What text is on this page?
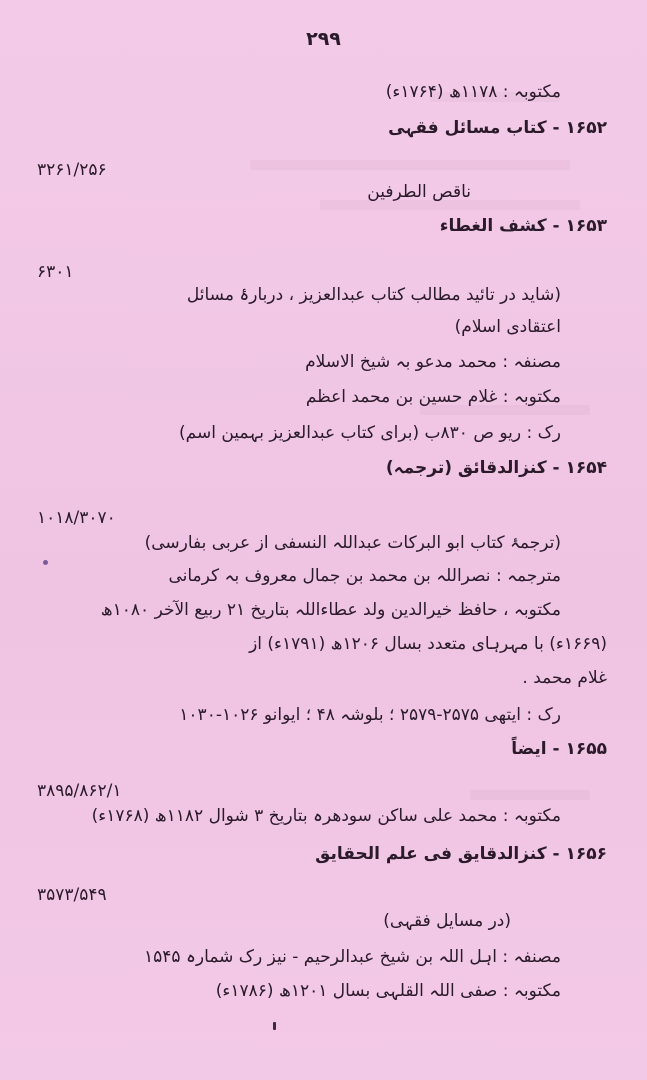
۲۹۹
مکتوبہ : ۱۱۷۸ھ (۱۷۶۴ء)
۱۶۵۲ - کتاب مسائل فقہی
۳۲۶۱/۲۵۶
ناقص الطرفین
۱۶۵۳ - کشف الغطاء
۶۳۰۱
(شاید در تائید مطالب کتاب عبدالعزیز ، دربارۂ مسائل
اعتقادی اسلام)
مصنفہ : محمد مدعو بہ شیخ الاسلام
مکتوبہ : غلام حسین بن محمد اعظم
رک : ریو ص ۸۳۰ب (برای کتاب عبدالعزیز بہمین اسم)
۱۶۵۴ - کنزالدقائق (ترجمہ)
۱۰۱۸/۳۰۷۰
(ترجمۂ کتاب ابو البرکات عبداللہ النسفی از عربی بفارسی)
مترجمہ : نصراللہ بن محمد بن جمال معروف بہ کرمانی
مکتوبہ ، حافظ خیرالدین ولد عطاءاللہ بتاریخ ۲۱ ربیع الآخر ۱۰۸۰ھ
(۱۶۶۹ء) با مہرہای متعدد بسال ۱۲۰۶ھ (۱۷۹۱ء) از
غلام محمد .
رک : ایتھی ۲۵۷۵-۲۵۷۹ ؛ بلوشہ ۴۸ ؛ ایوانو ۱۰۲۶-۱۰۳۰
۱۶۵۵ - ایضاً
۳۸۹۵/۸۶۲/۱
مکتوبہ : محمد علی ساکن سودھرہ بتاریخ ۳ شوال ۱۱۸۲ھ (۱۷۶۸ء)
۱۶۵۶ - کنزالدقایق فی علم الحقایق
۳۵۷۳/۵۴۹
(در مسایل فقہی)
مصنفہ : اہل اللہ بن شیخ عبدالرحیم - نیز رک شمارہ ۱۵۴۵
مکتوبہ : صفی اللہ القلہی بسال ۱۲۰۱ھ (۱۷۸۶ء)
